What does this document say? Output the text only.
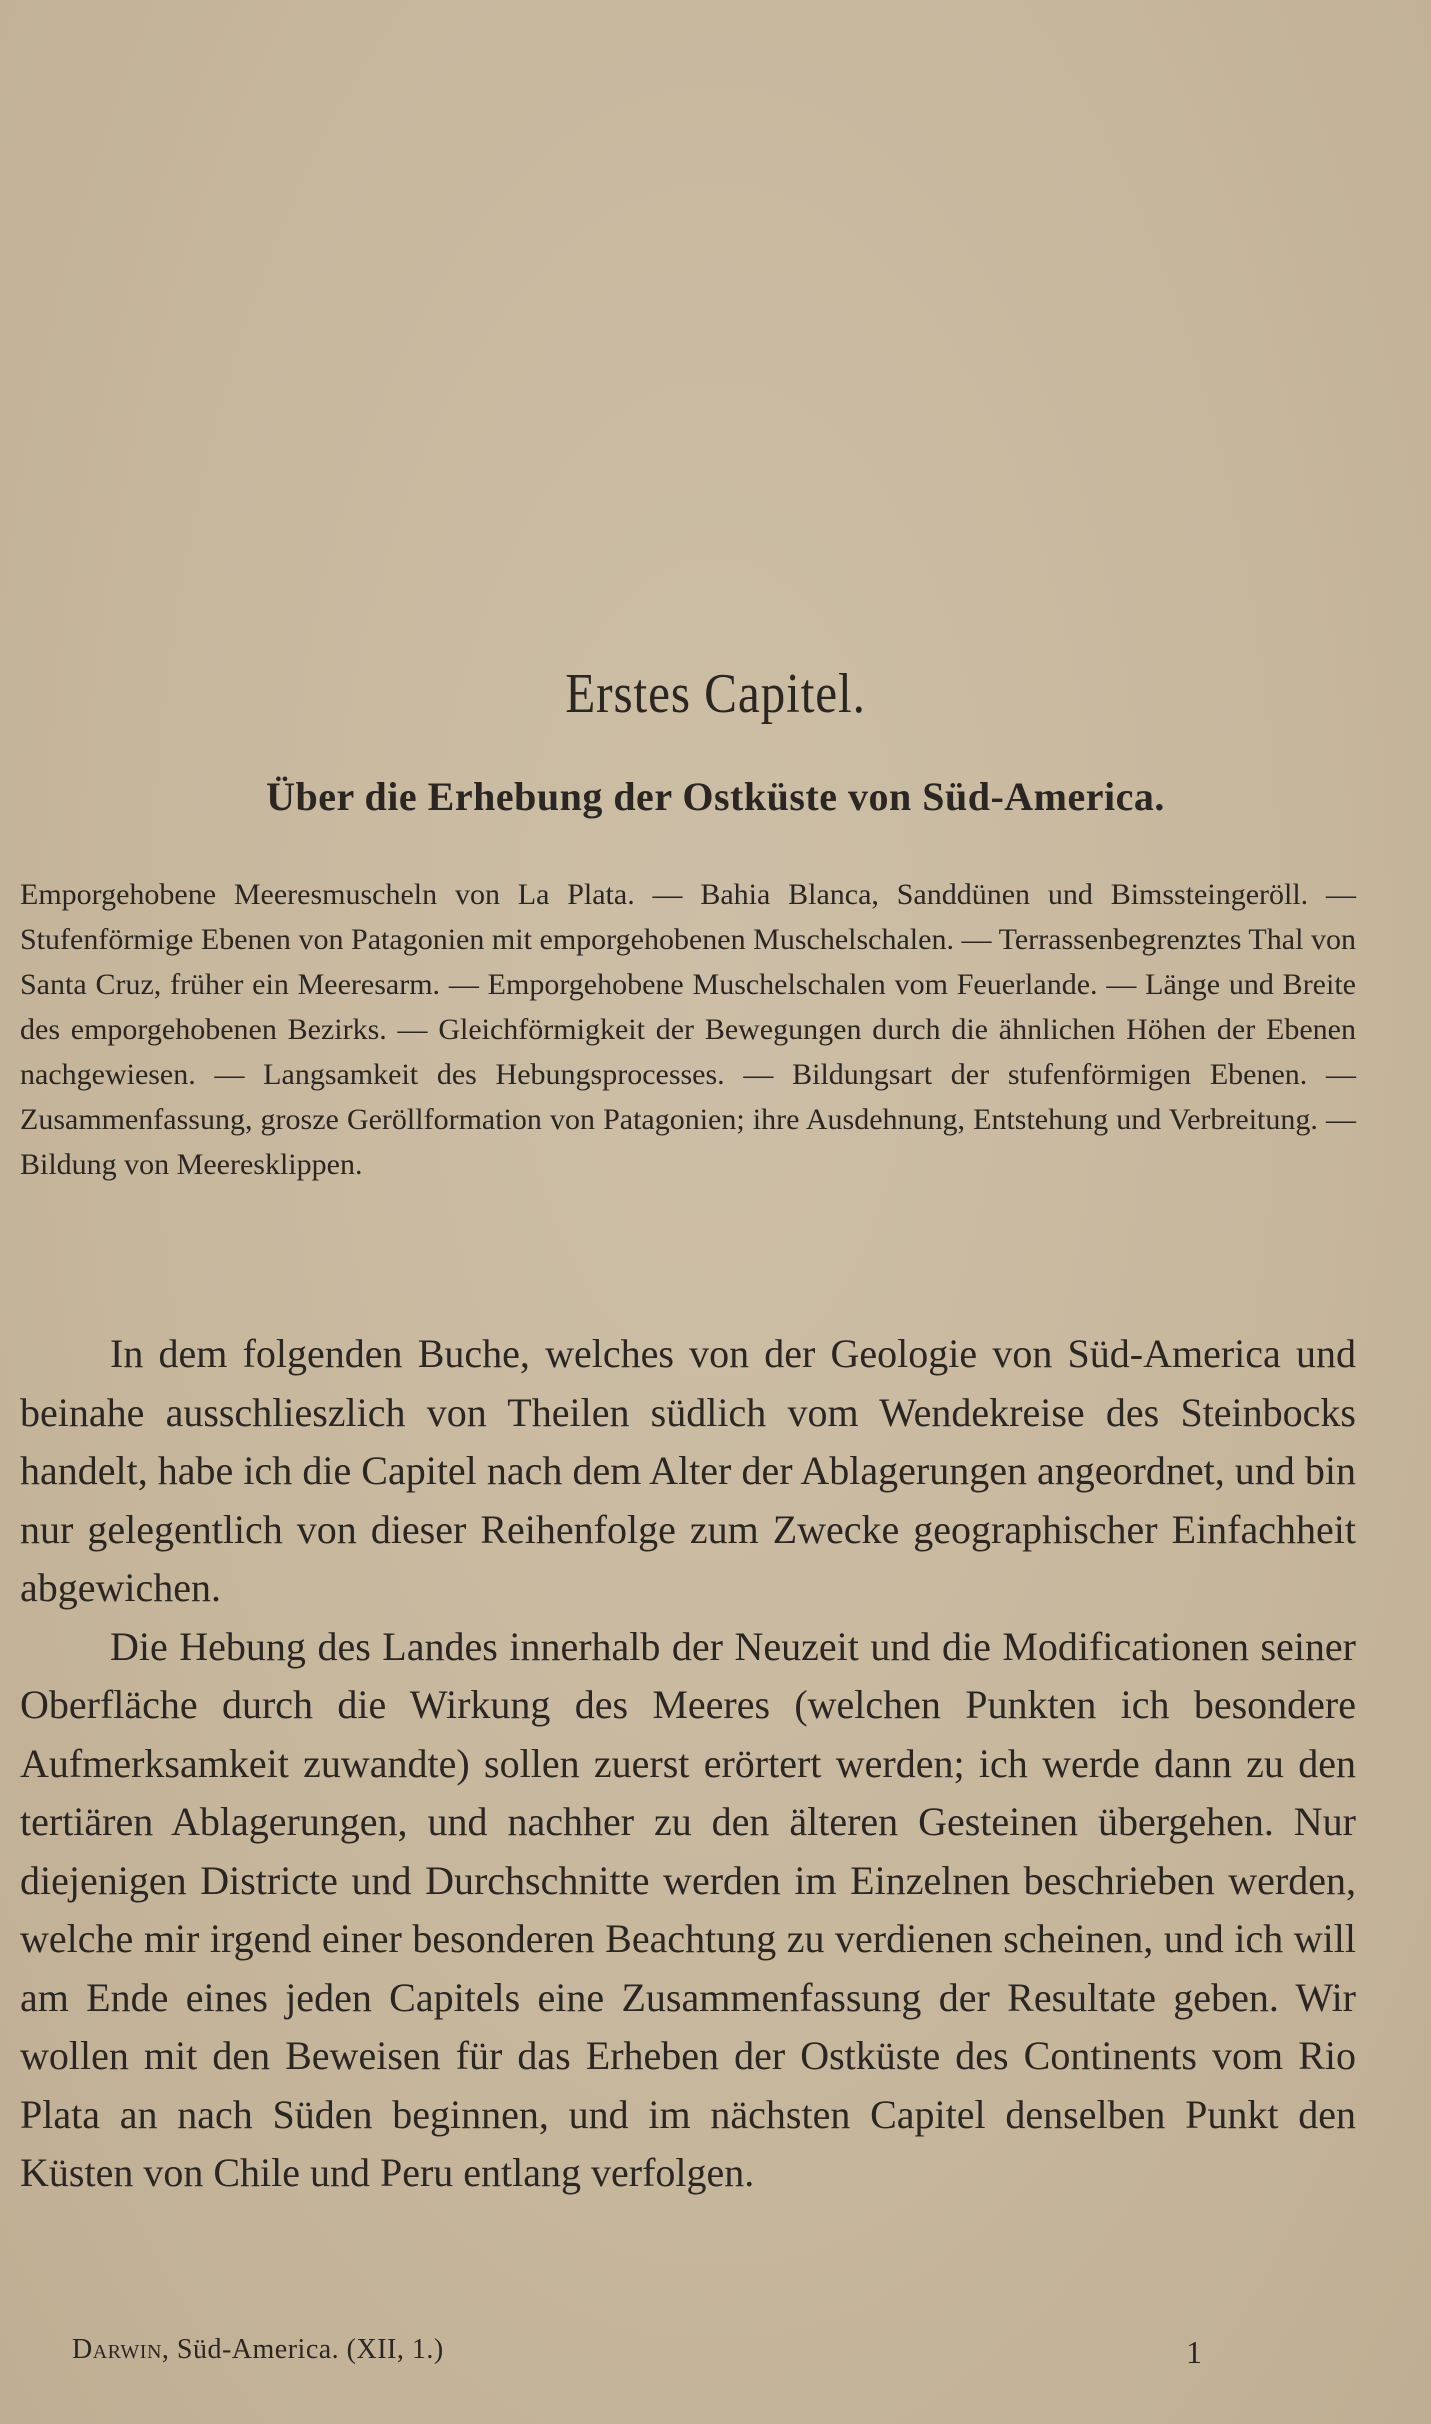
Erstes Capitel.
Über die Erhebung der Ostküste von Süd-America.

Emporgehobene Meeresmuscheln von La Plata. — Bahia Blanca, Sanddünen und Bimssteingeröll. — Stufenförmige Ebenen von Patagonien mit emporgehobenen Muschelschalen. — Terrassenbegrenztes Thal von Santa Cruz, früher ein Meeresarm. — Emporgehobene Muschelschalen vom Feuerlande. — Länge und Breite des emporgehobenen Bezirks. — Gleichförmigkeit der Bewegungen durch die ähnlichen Höhen der Ebenen nachgewiesen. — Langsamkeit des Hebungsprocesses. — Bildungsart der stufenförmigen Ebenen. — Zusammenfassung, grosze Geröllformation von Patagonien; ihre Ausdehnung, Entstehung und Verbreitung. — Bildung von Meeresklippen.

In dem folgenden Buche, welches von der Geologie von Süd-America und beinahe ausschlieszlich von Theilen südlich vom Wendekreise des Steinbocks handelt, habe ich die Capitel nach dem Alter der Ablagerungen angeordnet, und bin nur gelegentlich von dieser Reihenfolge zum Zwecke geographischer Einfachheit abgewichen.

Die Hebung des Landes innerhalb der Neuzeit und die Modificationen seiner Oberfläche durch die Wirkung des Meeres (welchen Punkten ich besondere Aufmerksamkeit zuwandte) sollen zuerst erörtert werden; ich werde dann zu den tertiären Ablagerungen, und nachher zu den älteren Gesteinen übergehen. Nur diejenigen Districte und Durchschnitte werden im Einzelnen beschrieben werden, welche mir irgend einer besonderen Beachtung zu verdienen scheinen, und ich will am Ende eines jeden Capitels eine Zusammenfassung der Resultate geben. Wir wollen mit den Beweisen für das Erheben der Ostküste des Continents vom Rio Plata an nach Süden beginnen, und im nächsten Capitel denselben Punkt den Küsten von Chile und Peru entlang verfolgen.

Darwin, Süd-America. (XII, 1.)	1
